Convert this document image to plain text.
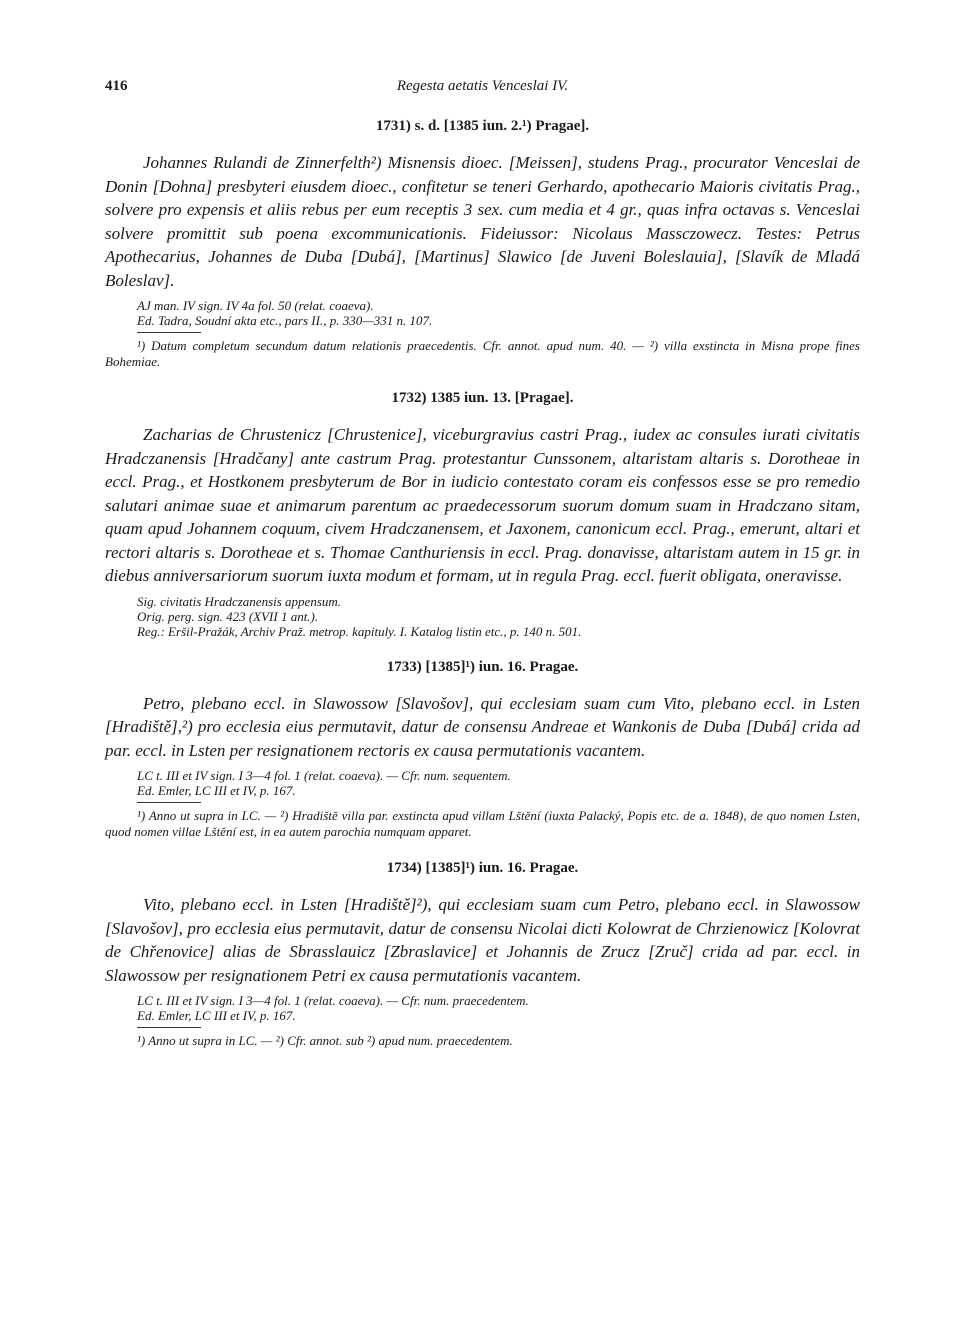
416	Regesta aetatis Venceslai IV.
1731) s. d. [1385 iun. 2.¹) Pragae].

Johannes Rulandi de Zinnerfelth²) Misnensis dioec. [Meissen], studens Prag., procurator Venceslai de Donin [Dohna] presbyteri eiusdem dioec., confitetur se teneri Gerhardo, apothecario Maioris civitatis Prag., solvere pro expensis et aliis rebus per eum receptis 3 sex. cum media et 4 gr., quas infra octavas s. Venceslai solvere promittit sub poena excommunicationis. Fideiussor: Nicolaus Massczowecz. Testes: Petrus Apothecarius, Johannes de Duba [Dubá], [Martinus] Slawico [de Juveni Boleslauia], [Slavík de Mladá Boleslav].

AJ man. IV sign. IV 4a fol. 50 (relat. coaeva).
Ed. Tadra, Soudní akta etc., pars II., p. 330—331 n. 107.

¹) Datum completum secundum datum relationis praecedentis. Cfr. annot. apud num. 40. — ²) villa exstincta in Misna prope fines Bohemiae.

1732) 1385 iun. 13. [Pragae].

Zacharias de Chrustenicz [Chrustenice], viceburgravius castri Prag., iudex ac consules iurati civitatis Hradczanensis [Hradčany] ante castrum Prag. protestantur Cunssonem, altaristam altaris s. Dorotheae in eccl. Prag., et Hostkonem presbyterum de Bor in iudicio contestato coram eis confessos esse se pro remedio salutari animae suae et animarum parentum ac praedecessorum suorum domum suam in Hradczano sitam, quam apud Johannem coquum, civem Hradczanensem, et Jaxonem, canonicum eccl. Prag., emerunt, altari et rectori altaris s. Dorotheae et s. Thomae Canthuriensis in eccl. Prag. donavisse, altaristam autem in 15 gr. in diebus anniversariorum suorum iuxta modum et formam, ut in regula Prag. eccl. fuerit obligata, oneravisse.

Sig. civitatis Hradczanensis appensum.
Orig. perg. sign. 423 (XVII 1 ant.).
Reg.: Eršil-Pražák, Archiv Praž. metrop. kapituly. I. Katalog listin etc., p. 140 n. 501.
1733) [1385]¹) iun. 16. Pragae.

Petro, plebano eccl. in Slawossow [Slavošov], qui ecclesiam suam cum Vito, plebano eccl. in Lsten [Hradiště],²) pro ecclesia eius permutavit, datur de consensu Andreae et Wankonis de Duba [Dubá] crida ad par. eccl. in Lsten per resignationem rectoris ex causa permutationis vacantem.

LC t. III et IV sign. I 3—4 fol. 1 (relat. coaeva). — Cfr. num. sequentem.
Ed. Emler, LC III et IV, p. 167.

¹) Anno ut supra in LC. — ²) Hradiště villa par. exstincta apud villam Lštění (iuxta Palacký, Popis etc. de a. 1848), de quo nomen Lsten, quod nomen villae Lštění est, in ea autem parochia numquam apparet.

1734) [1385]¹) iun. 16. Pragae.

Vito, plebano eccl. in Lsten [Hradiště]²), qui ecclesiam suam cum Petro, plebano eccl. in Slawossow [Slavošov], pro ecclesia eius permutavit, datur de consensu Nicolai dicti Kolowrat de Chrzienowicz [Kolovrat de Chřenovice] alias de Sbrasslauicz [Zbraslavice] et Johannis de Zrucz [Zruč] crida ad par. eccl. in Slawossow per resignationem Petri ex causa permutationis vacantem.

LC t. III et IV sign. I 3—4 fol. 1 (relat. coaeva). — Cfr. num. praecedentem.
Ed. Emler, LC III et IV, p. 167.

¹) Anno ut supra in LC. — ²) Cfr. annot. sub ²) apud num. praecedentem.
